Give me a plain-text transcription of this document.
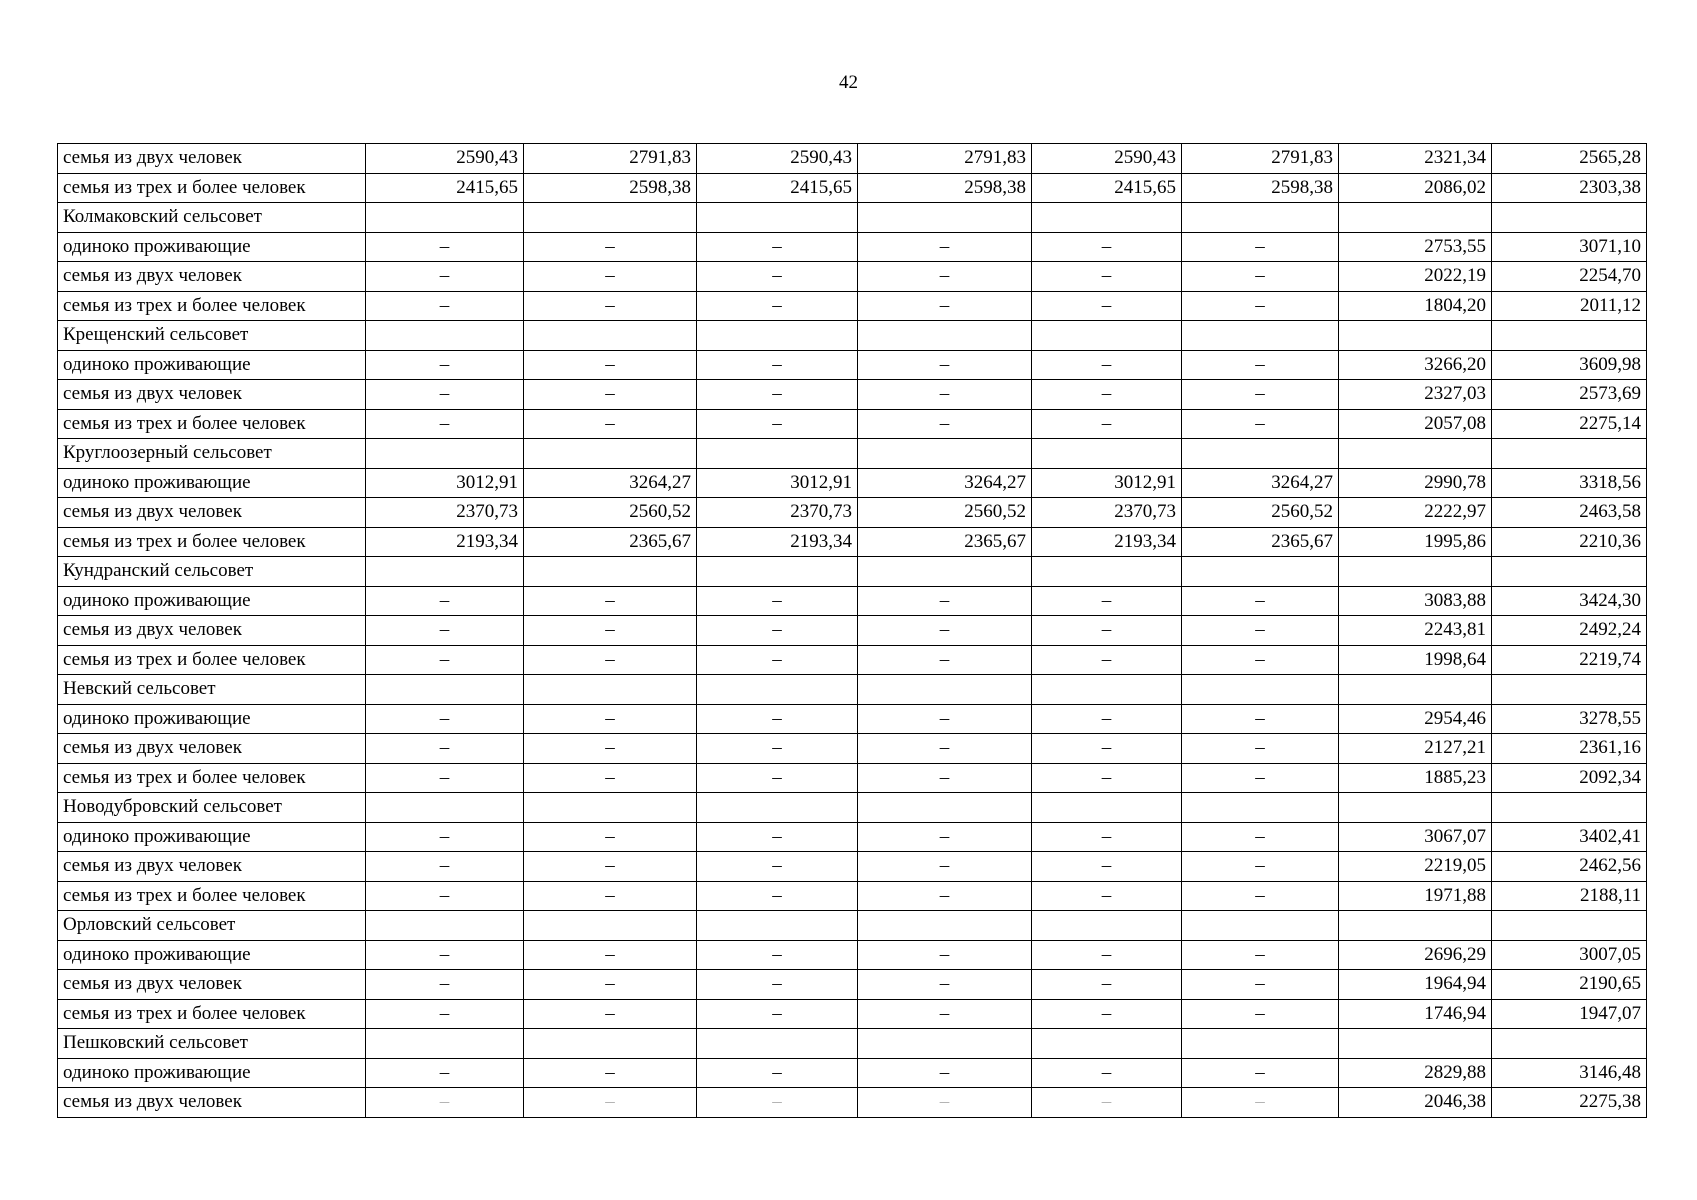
42
семья из двух человек	2590,43	2791,83	2590,43	2791,83	2590,43	2791,83	2321,34	2565,28
семья из трех и более человек	2415,65	2598,38	2415,65	2598,38	2415,65	2598,38	2086,02	2303,38
Колмаковский сельсовет								
одиноко проживающие	–	–	–	–	–	–	2753,55	3071,10
семья из двух человек	–	–	–	–	–	–	2022,19	2254,70
семья из трех и более человек	–	–	–	–	–	–	1804,20	2011,12
Крещенский сельсовет								
одиноко проживающие	–	–	–	–	–	–	3266,20	3609,98
семья из двух человек	–	–	–	–	–	–	2327,03	2573,69
семья из трех и более человек	–	–	–	–	–	–	2057,08	2275,14
Круглоозерный сельсовет								
одиноко проживающие	3012,91	3264,27	3012,91	3264,27	3012,91	3264,27	2990,78	3318,56
семья из двух человек	2370,73	2560,52	2370,73	2560,52	2370,73	2560,52	2222,97	2463,58
семья из трех и более человек	2193,34	2365,67	2193,34	2365,67	2193,34	2365,67	1995,86	2210,36
Кундранский сельсовет								
одиноко проживающие	–	–	–	–	–	–	3083,88	3424,30
семья из двух человек	–	–	–	–	–	–	2243,81	2492,24
семья из трех и более человек	–	–	–	–	–	–	1998,64	2219,74
Невский сельсовет								
одиноко проживающие	–	–	–	–	–	–	2954,46	3278,55
семья из двух человек	–	–	–	–	–	–	2127,21	2361,16
семья из трех и более человек	–	–	–	–	–	–	1885,23	2092,34
Новодубровский сельсовет								
одиноко проживающие	–	–	–	–	–	–	3067,07	3402,41
семья из двух человек	–	–	–	–	–	–	2219,05	2462,56
семья из трех и более человек	–	–	–	–	–	–	1971,88	2188,11
Орловский сельсовет								
одиноко проживающие	–	–	–	–	–	–	2696,29	3007,05
семья из двух человек	–	–	–	–	–	–	1964,94	2190,65
семья из трех и более человек	–	–	–	–	–	–	1746,94	1947,07
Пешковский сельсовет								
одиноко проживающие	–	–	–	–	–	–	2829,88	3146,48
семья из двух человек	–	–	–	–	–	–	2046,38	2275,38
